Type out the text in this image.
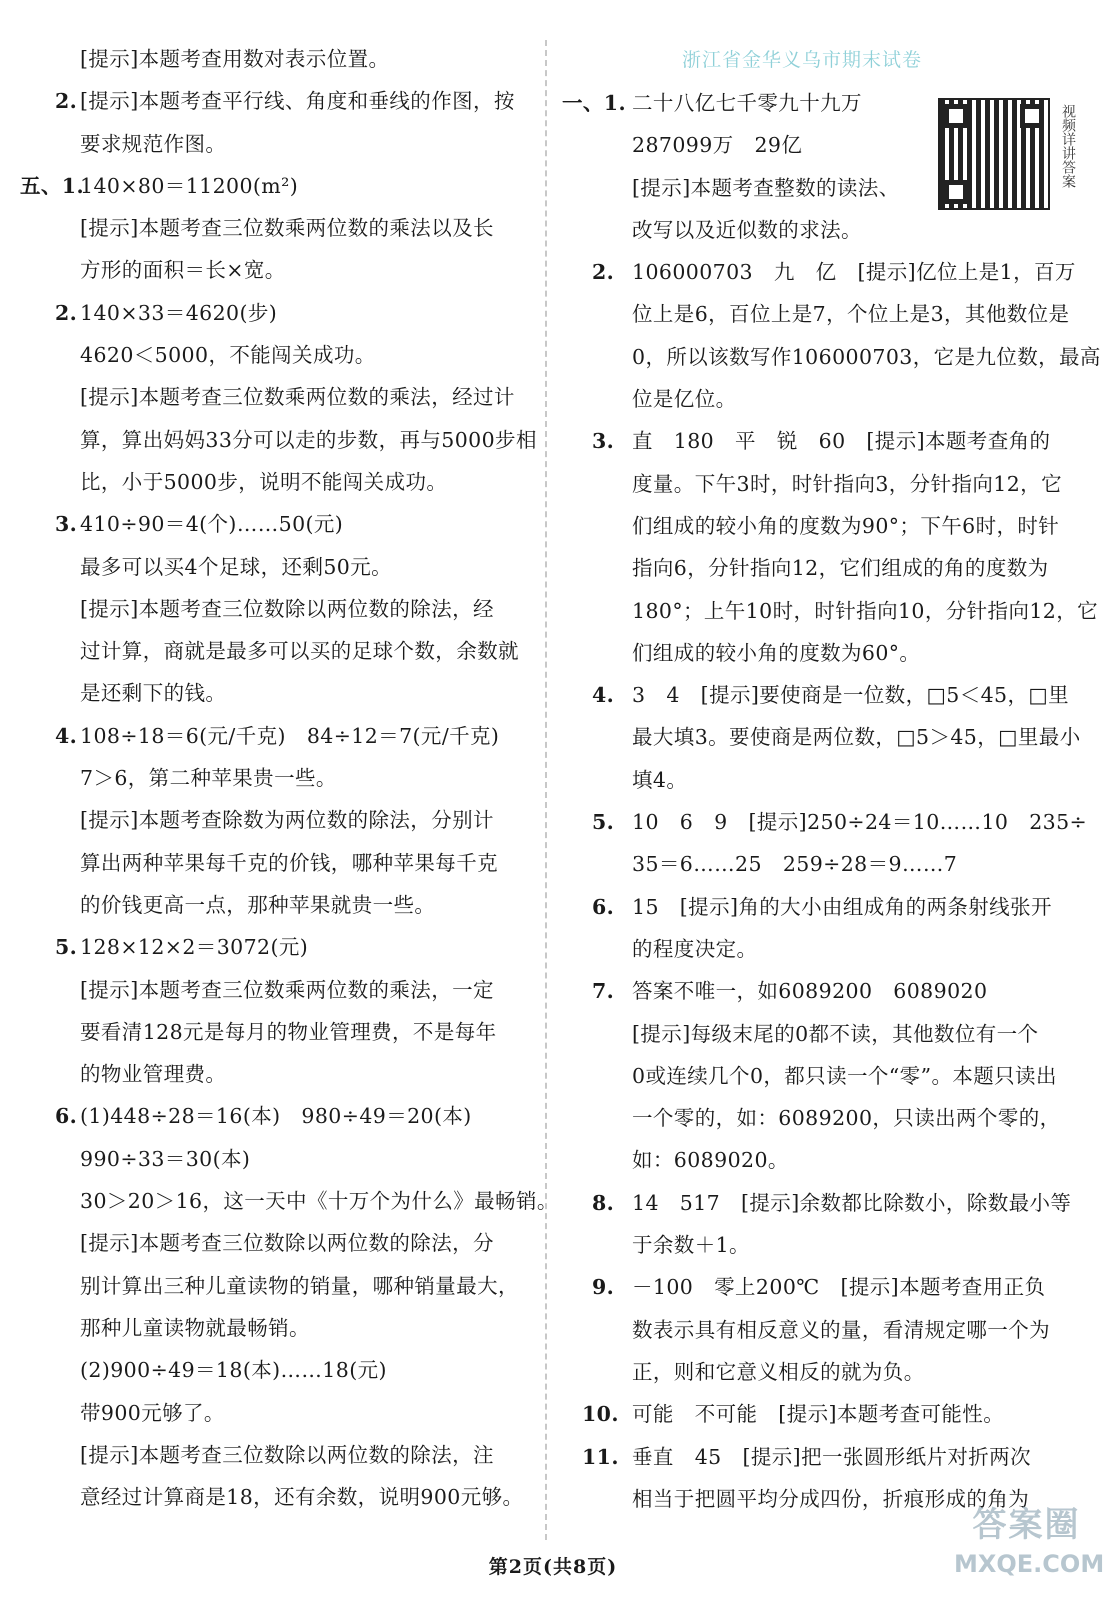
[提示]本题考查用数对表示位置。
2. [提示]本题考查平行线、角度和垂线的作图，按
要求规范作图。
五、1.
140×80＝11200(m²)
[提示]本题考查三位数乘两位数的乘法以及长
方形的面积＝长×宽。
2. 140×33＝4620(步)
4620＜5000，不能闯关成功。
[提示]本题考查三位数乘两位数的乘法，经过计
算，算出妈妈33分可以走的步数，再与5000步相
比，小于5000步，说明不能闯关成功。
3. 410÷90＝4(个)……50(元)
最多可以买4个足球，还剩50元。
[提示]本题考查三位数除以两位数的除法，经
过计算，商就是最多可以买的足球个数，余数就
是还剩下的钱。
4. 108÷18＝6(元/千克)　84÷12＝7(元/千克)
7＞6，第二种苹果贵一些。
[提示]本题考查除数为两位数的除法，分别计
算出两种苹果每千克的价钱，哪种苹果每千克
的价钱更高一点，那种苹果就贵一些。
5. 128×12×2＝3072(元)
[提示]本题考查三位数乘两位数的乘法，一定
要看清128元是每月的物业管理费，不是每年
的物业管理费。
6. (1)448÷28＝16(本)　980÷49＝20(本)
990÷33＝30(本)
30＞20＞16，这一天中《十万个为什么》最畅销。
[提示]本题考查三位数除以两位数的除法，分
别计算出三种儿童读物的销量，哪种销量最大，
那种儿童读物就最畅销。
(2)900÷49＝18(本)……18(元)
带900元够了。
[提示]本题考查三位数除以两位数的除法，注
意经过计算商是18，还有余数，说明900元够。
浙江省金华义乌市期末试卷
一、1. 二十八亿七千零九十九万
287099万　29亿
[提示]本题考查整数的读法、
改写以及近似数的求法。
2. 106000703　九　亿　[提示]亿位上是1，百万
位上是6，百位上是7，个位上是3，其他数位是
0，所以该数写作106000703，它是九位数，最高
位是亿位。
3. 直　180　平　锐　60　[提示]本题考查角的
度量。下午3时，时针指向3，分针指向12，它
们组成的较小角的度数为90°；下午6时，时针
指向6，分针指向12，它们组成的角的度数为
180°；上午10时，时针指向10，分针指向12，它
们组成的较小角的度数为60°。
4. 3　4　[提示]要使商是一位数，□5＜45，□里
最大填3。要使商是两位数，□5＞45，□里最小
填4。
5. 10　6　9　[提示]250÷24＝10……10　235÷
35＝6……25　259÷28＝9……7
6. 15　[提示]角的大小由组成角的两条射线张开
的程度决定。
7. 答案不唯一，如6089200　6089020
[提示]每级末尾的0都不读，其他数位有一个
0或连续几个0，都只读一个“零”。本题只读出
一个零的，如：6089200，只读出两个零的，
如：6089020。
8. 14　517　[提示]余数都比除数小，除数最小等
于余数＋1。
9. －100　零上200℃　[提示]本题考查用正负
数表示具有相反意义的量，看清规定哪一个为
正，则和它意义相反的就为负。
10. 可能　不可能　[提示]本题考查可能性。
11. 垂直　45　[提示]把一张圆形纸片对折两次
相当于把圆平均分成四份，折痕形成的角为
视频详讲答案
第2页(共8页)
答案圈
MXQE.COM
